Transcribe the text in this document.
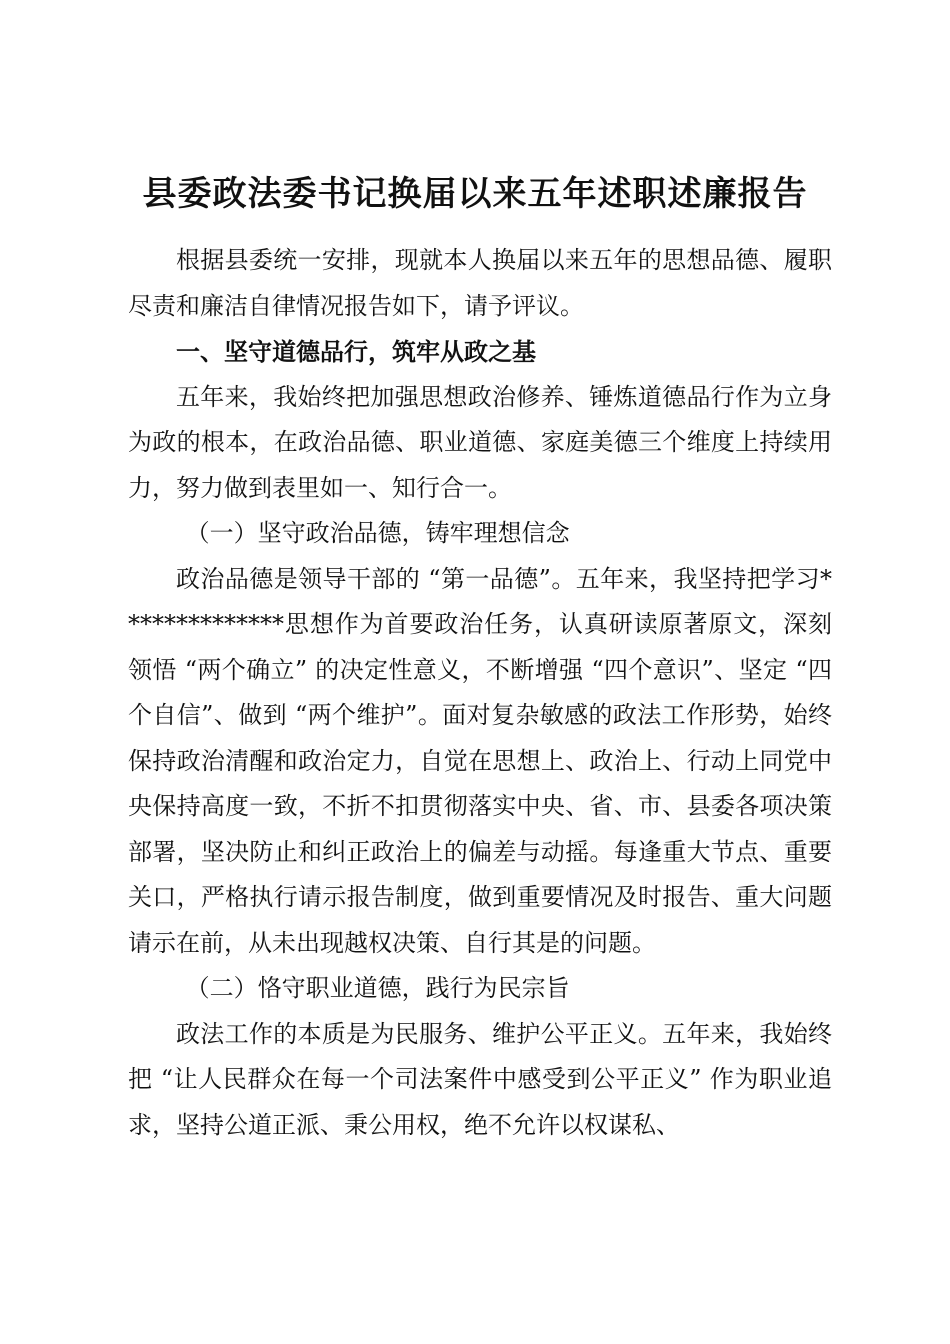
县委政法委书记换届以来五年述职述廉报告

根据县委统一安排，现就本人换届以来五年的思想品德、履职尽责和廉洁自律情况报告如下，请予评议。

一、坚守道德品行，筑牢从政之基

五年来，我始终把加强思想政治修养、锤炼道德品行作为立身为政的根本，在政治品德、职业道德、家庭美德三个维度上持续用力，努力做到表里如一、知行合一。

（一）坚守政治品德，铸牢理想信念

政治品德是领导干部的 “第一品德”。五年来，我坚持把学习**************思想作为首要政治任务，认真研读原著原文，深刻领悟 “两个确立” 的决定性意义，不断增强 “四个意识”、坚定 “四个自信”、做到 “两个维护”。面对复杂敏感的政法工作形势，始终保持政治清醒和政治定力，自觉在思想上、政治上、行动上同党中央保持高度一致，不折不扣贯彻落实中央、省、市、县委各项决策部署，坚决防止和纠正政治上的偏差与动摇。每逢重大节点、重要关口，严格执行请示报告制度，做到重要情况及时报告、重大问题请示在前，从未出现越权决策、自行其是的问题。

（二）恪守职业道德，践行为民宗旨

政法工作的本质是为民服务、维护公平正义。五年来，我始终把 “让人民群众在每一个司法案件中感受到公平正义” 作为职业追求，坚持公道正派、秉公用权，绝不允许以权谋私、
